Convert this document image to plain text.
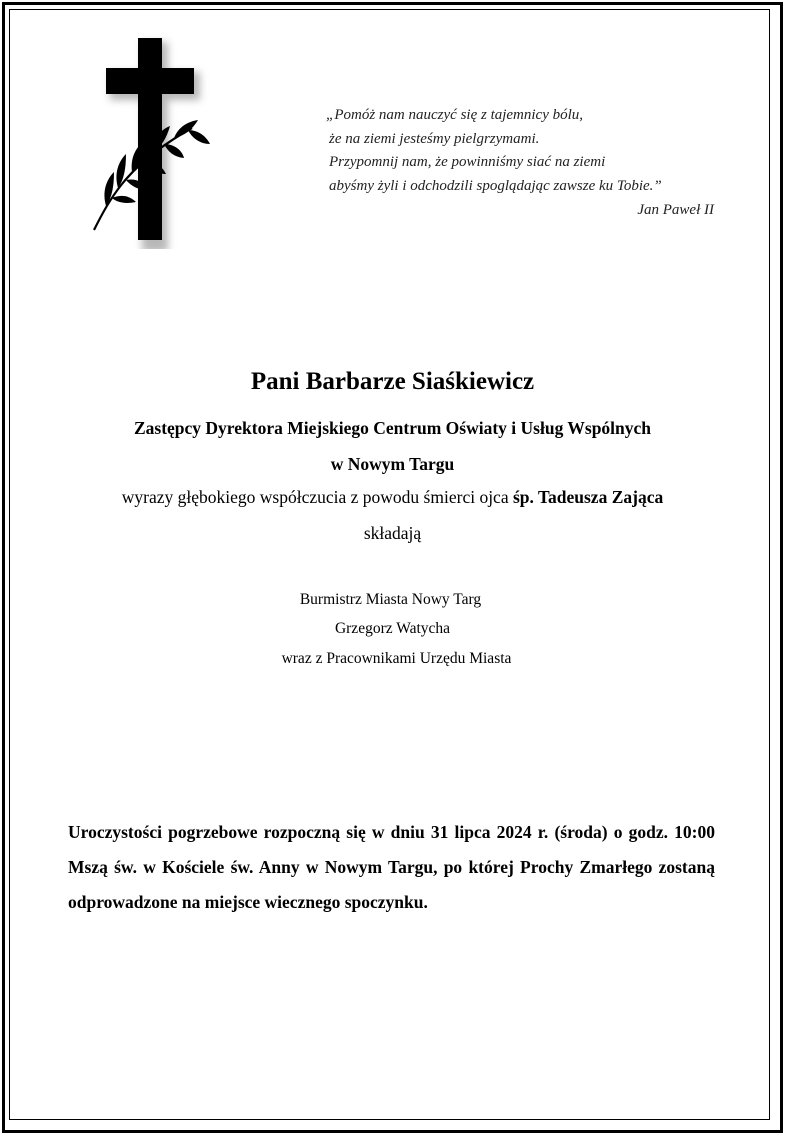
„Pomóż nam nauczyć się z tajemnicy bólu,
że na ziemi jesteśmy pielgrzymami.
Przypomnij nam, że powinniśmy siać na ziemi
abyśmy żyli i odchodzili spoglądając zawsze ku Tobie.”
Jan Paweł II
Pani Barbarze Siaśkiewicz
Zastępcy Dyrektora Miejskiego Centrum Oświaty i Usług Wspólnych
w Nowym Targu
wyrazy głębokiego współczucia z powodu śmierci ojca śp. Tadeusza Zająca
składają
Burmistrz Miasta Nowy Targ
Grzegorz Watycha
wraz z Pracownikami Urzędu Miasta
Uroczystości pogrzebowe rozpoczną się w dniu 31 lipca 2024 r. (środa) o godz. 10:00 Mszą św. w Kościele św. Anny w Nowym Targu, po której Prochy Zmarłego zostaną odprowadzone na miejsce wiecznego spoczynku.
